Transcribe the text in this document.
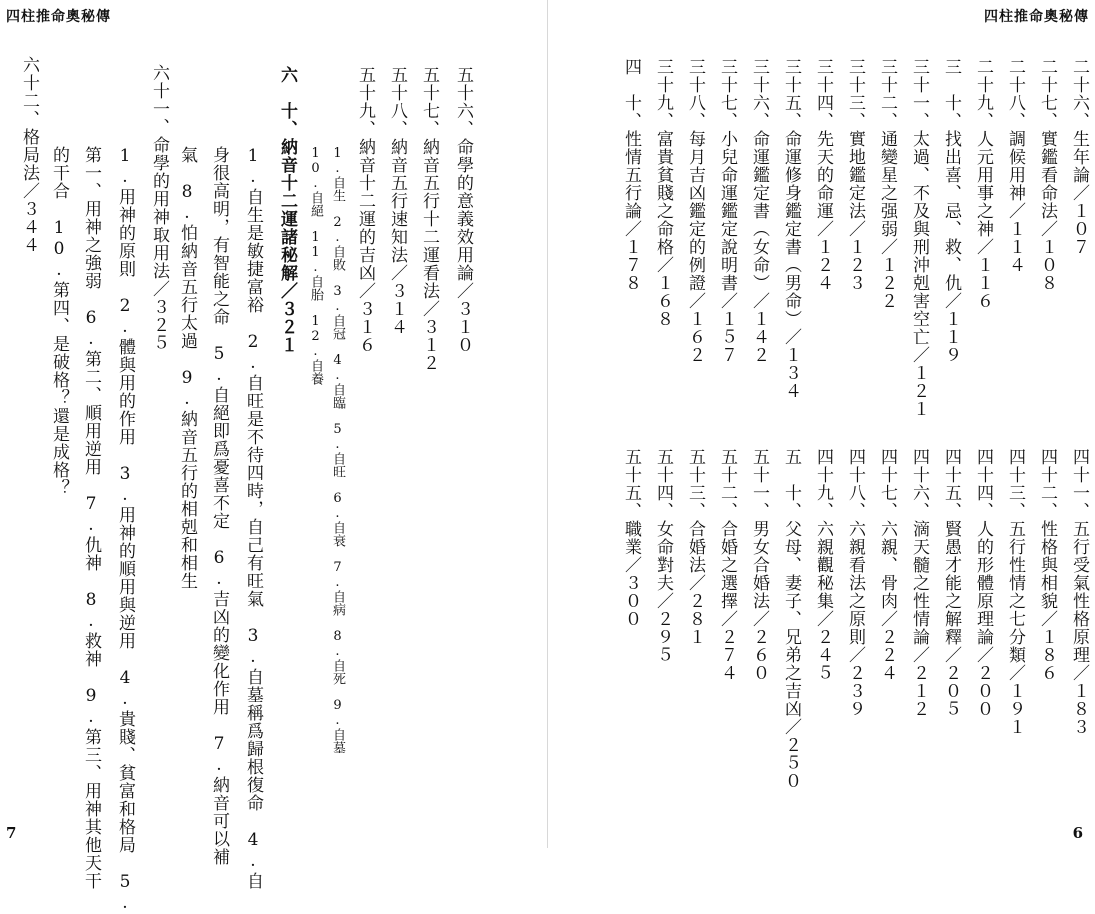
四柱推命奧秘傳
五十六、命學的意義效用論／３１０
五十七、納音五行十二運看法／３１２
五十八、納音五行速知法／３１４
五十九、納音十二運的吉凶／３１６
1.自生　2.自敗　3.自冠　4.自臨　5.自旺　6.自衰　7.自病　8.自死　9.自墓
10.自絕　11.自胎　12.自養
六　十、納音十二運諸秘解／３２１
1.自生是敏捷富裕　2.自旺是不待四時，自己有旺氣　3.自墓稱爲歸根復命　4.自
身很高明，有智能之命　5.自絕即爲憂喜不定　6.吉凶的變化作用　7.納音可以補
氣　8.怕納音五行太過　9.納音五行的相剋和相生
六十一、命學的用神取用法／３２５
1.用神的原則　2.體與用的作用　3.用神的順用與逆用　4.貴賤、貧富和格局　5.
第一、用神之強弱　6.第二、順用逆用　7.仇神　8.救神　9.第三、用神其他天干
的干合　10.第四、是破格？還是成格？
六十二、格局法／３４４
7
四柱推命奧秘傳
二十六、生年論／１０７
二十七、實鑑看命法／１０８
二十八、調候用神／１１４
二十九、人元用事之神／１１６
三　十、找出喜、忌、救、仇／１１９
三十一、太過、不及與刑沖剋害空亡／１２１
三十二、通變星之强弱／１２２
三十三、實地鑑定法／１２３
三十四、先天的命運／１２４
三十五、命運修身鑑定書（男命）／１３４
三十六、命運鑑定書（女命）／１４２
三十七、小兒命運鑑定說明書／１５７
三十八、每月吉凶鑑定的例證／１６２
三十九、富貴貧賤之命格／１６８
四　十、性情五行論／１７８
四十一、五行受氣性格原理／１８３
四十二、性格與相貌／１８６
四十三、五行性情之七分類／１９１
四十四、人的形體原理論／２００
四十五、賢愚才能之解釋／２０５
四十六、滴天髓之性情論／２１２
四十七、六親、骨肉／２２４
四十八、六親看法之原則／２３９
四十九、六親觀秘集／２４５
五　十、父母、妻子、兄弟之吉凶／２５０
五十一、男女合婚法／２６０
五十二、合婚之選擇／２７４
五十三、合婚法／２８１
五十四、女命對夫／２９５
五十五、職業／３００
6
